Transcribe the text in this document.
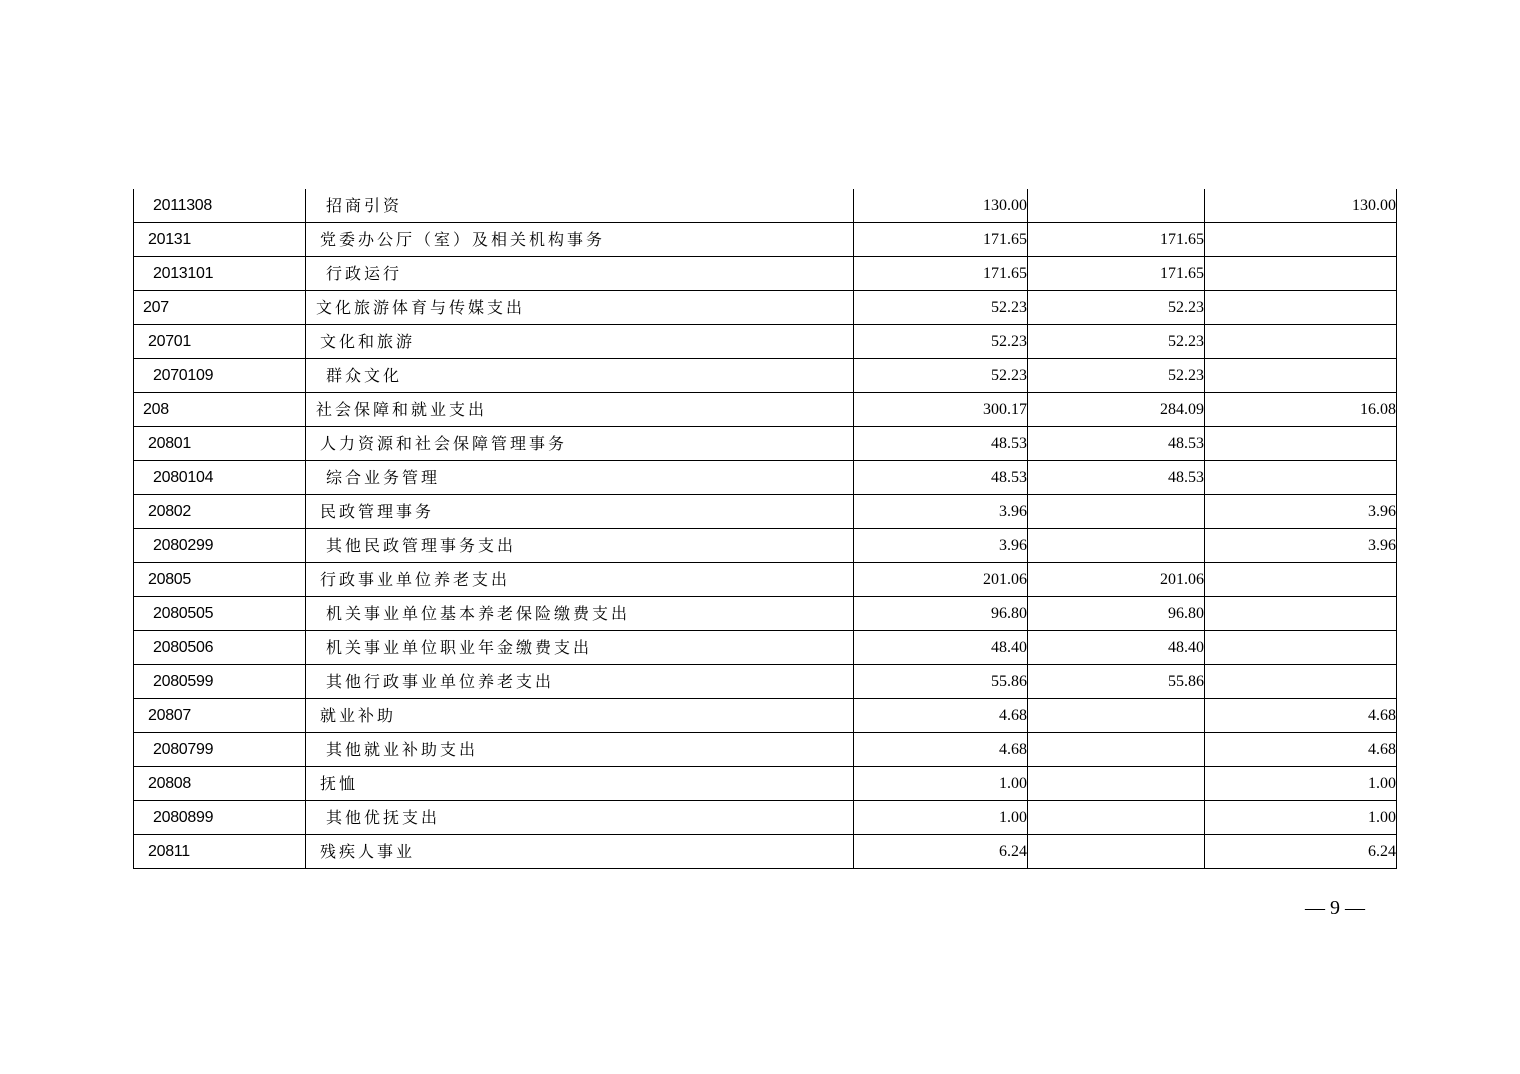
2011308	招商引资	130.00		130.00
20131	党委办公厅（室）及相关机构事务	171.65	171.65	
2013101	行政运行	171.65	171.65	
207	文化旅游体育与传媒支出	52.23	52.23	
20701	文化和旅游	52.23	52.23	
2070109	群众文化	52.23	52.23	
208	社会保障和就业支出	300.17	284.09	16.08
20801	人力资源和社会保障管理事务	48.53	48.53	
2080104	综合业务管理	48.53	48.53	
20802	民政管理事务	3.96		3.96
2080299	其他民政管理事务支出	3.96		3.96
20805	行政事业单位养老支出	201.06	201.06	
2080505	机关事业单位基本养老保险缴费支出	96.80	96.80	
2080506	机关事业单位职业年金缴费支出	48.40	48.40	
2080599	其他行政事业单位养老支出	55.86	55.86	
20807	就业补助	4.68		4.68
2080799	其他就业补助支出	4.68		4.68
20808	抚恤	1.00		1.00
2080899	其他优抚支出	1.00		1.00
20811	残疾人事业	6.24		6.24
— 9 —
